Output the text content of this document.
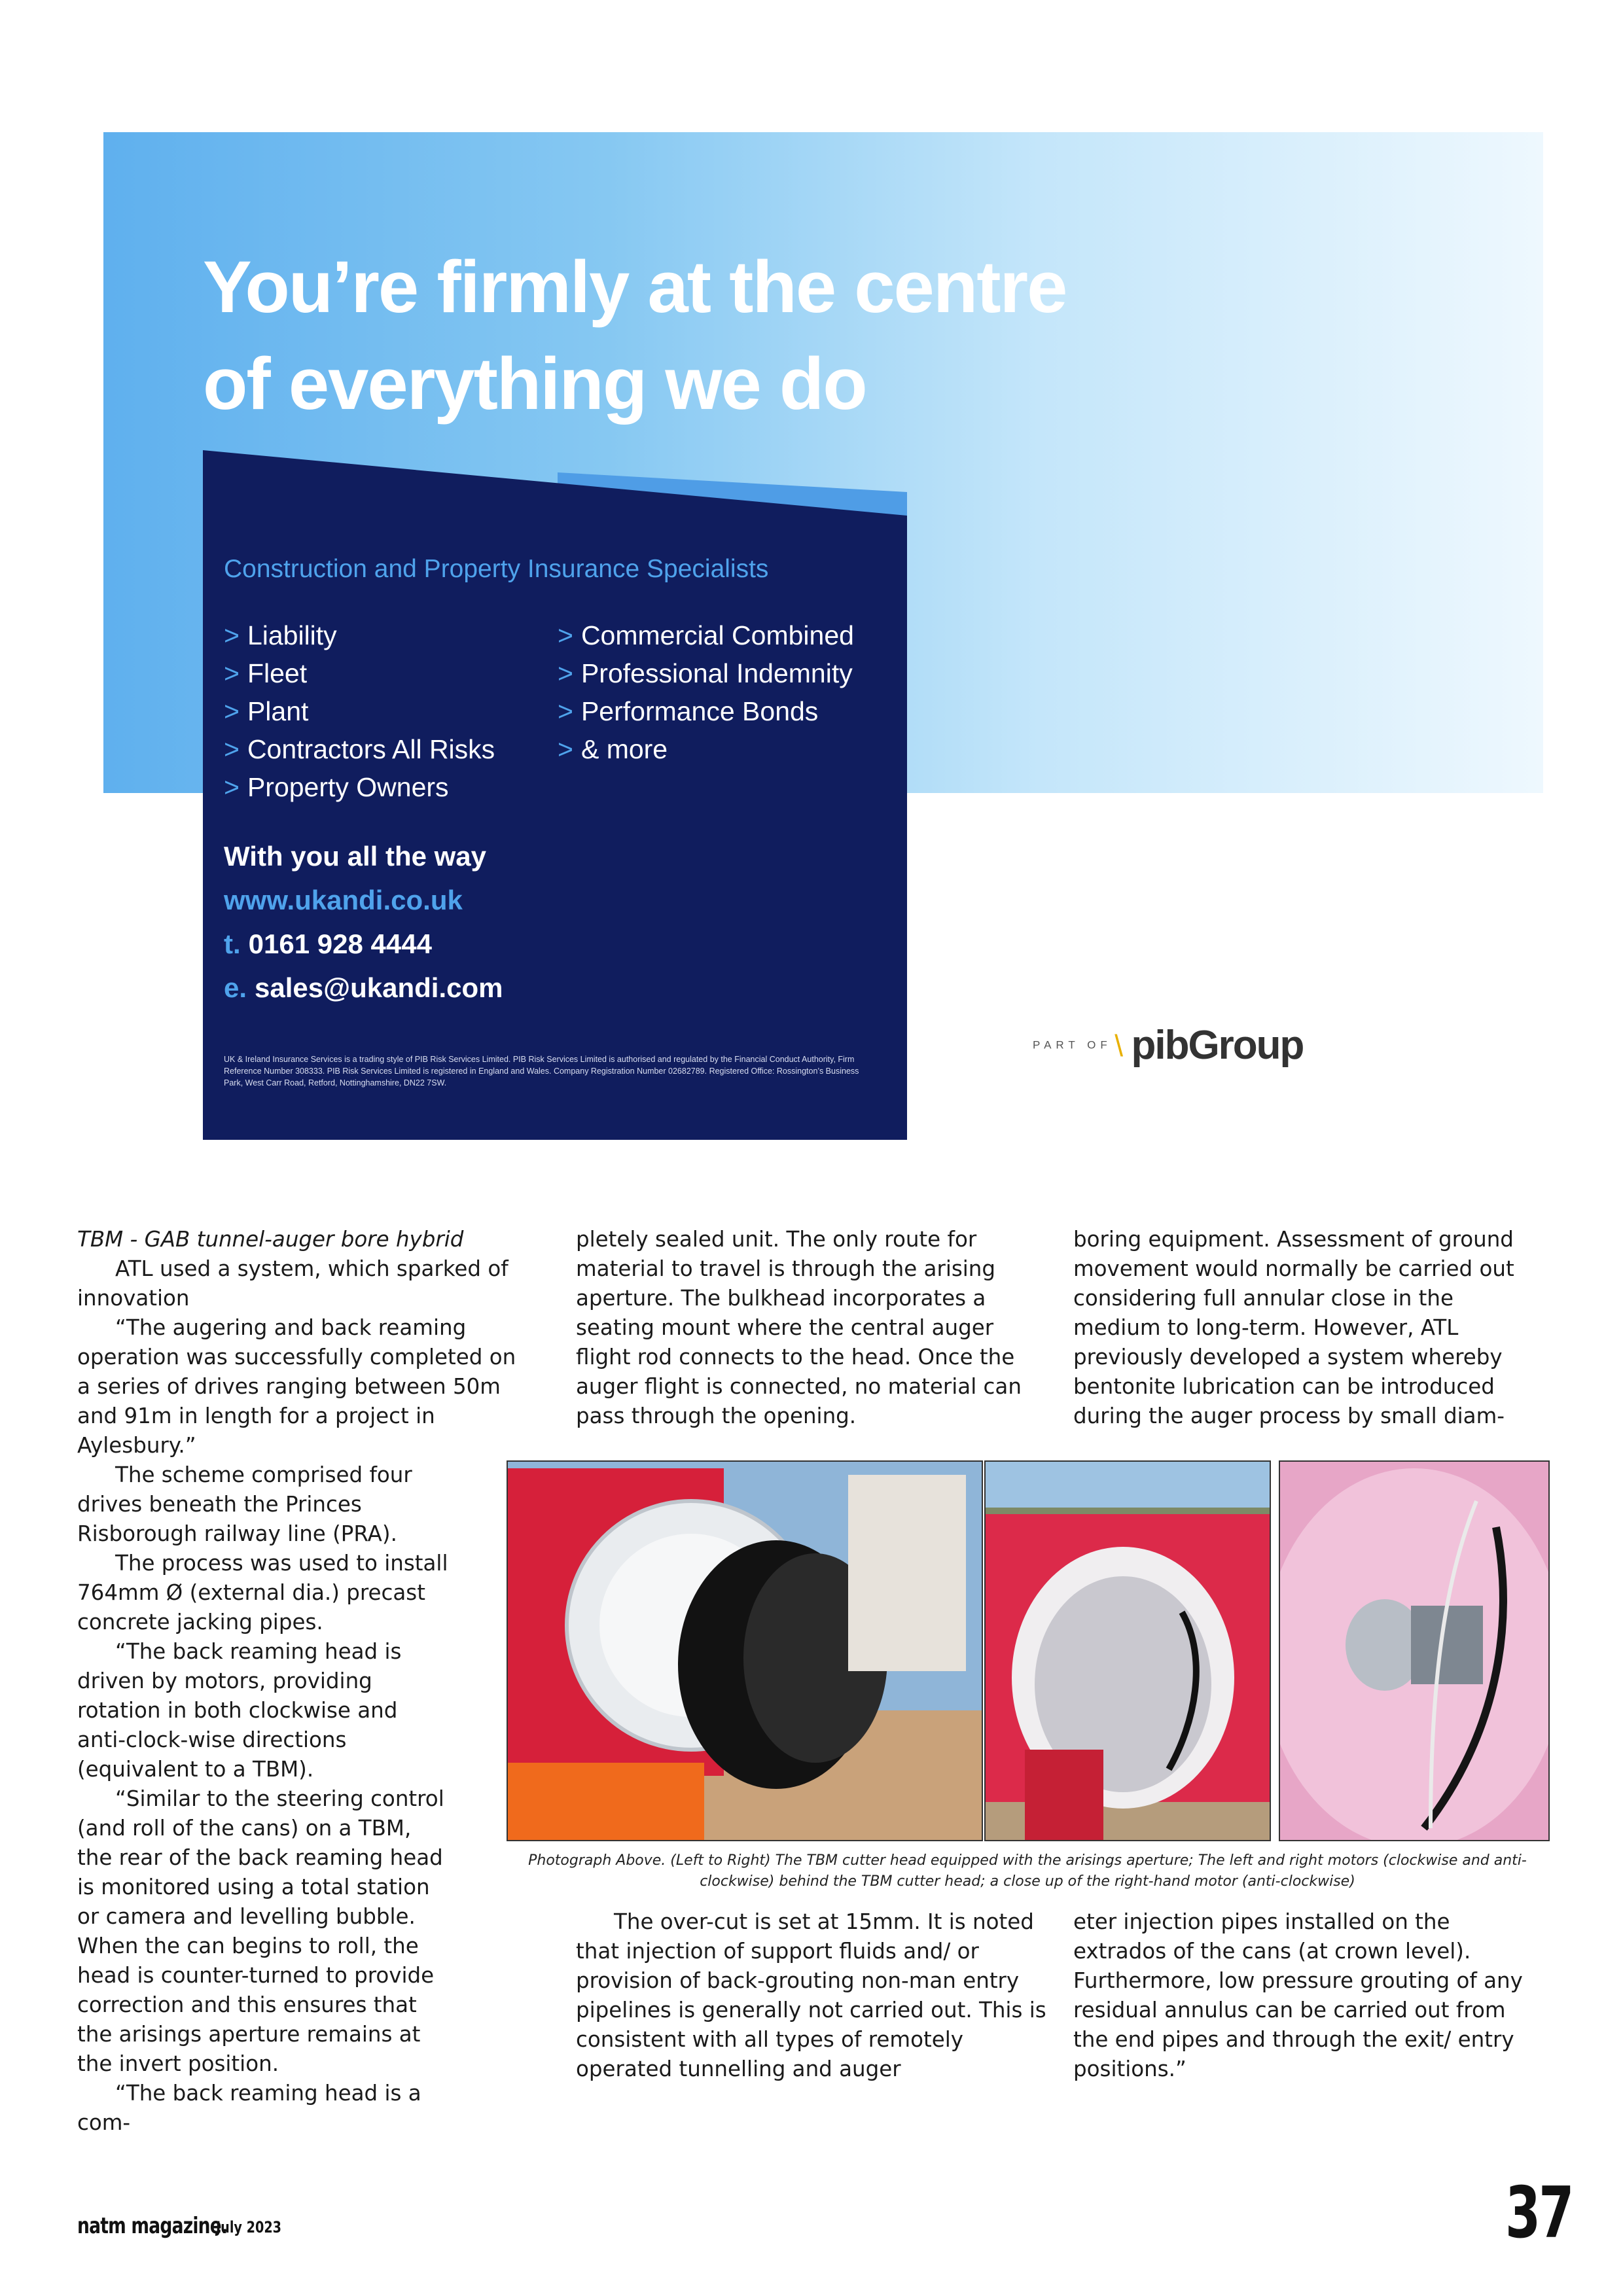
You’re firmly at the centre
of everything we do
Construction and Property Insurance Specialists
> Liability
> Fleet
> Plant
> Contractors All Risks
> Property Owners
> Commercial Combined
> Professional Indemnity
> Performance Bonds
> & more
With you all the way
www.ukandi.co.uk
t. 0161 928 4444
e. sales@ukandi.com
UK & Ireland Insurance Services is a trading style of PIB Risk Services Limited. PIB Risk Services Limited is authorised and regulated by the Financial Conduct Authority, Firm Reference Number 308333. PIB Risk Services Limited is registered in England and Wales. Company Registration Number 02682789. Registered Office: Rossington’s Business Park, West Carr Road, Retford, Nottinghamshire, DN22 7SW.
PART OF \ pibGroup

TBM - GAB tunnel-auger bore hybrid

ATL used a system, which sparked of innovation

“The augering and back reaming operation was successfully completed on a series of drives ranging between 50m and 91m in length for a project in Aylesbury.”

The scheme comprised four drives beneath the Princes Risborough railway line (PRA).

The process was used to install 764mm Ø (external dia.) precast concrete jacking pipes.

“The back reaming head is driven by motors, providing rotation in both clockwise and anti-clock-wise directions (equivalent to a TBM).

“Similar to the steering control (and roll of the cans) on a TBM, the rear of the back reaming head is monitored using a total station or camera and levelling bubble. When the can begins to roll, the head is counter-turned to provide correction and this ensures that the arisings aperture remains at the invert position.

“The back reaming head is a com-

pletely sealed unit. The only route for material to travel is through the arising aperture. The bulkhead incorporates a seating mount where the central auger flight rod connects to the head. Once the auger flight is connected, no material can pass through the opening.

boring equipment. Assessment of ground movement would normally be carried out considering full annular close in the medium to long-term. However, ATL previously developed a system whereby bentonite lubrication can be introduced during the auger process by small diam-

Photograph Above. (Left to Right) The TBM cutter head equipped with the arisings aperture; The left and right motors (clockwise and anti-clockwise) behind the TBM cutter head; a close up of the right-hand motor (anti-clockwise)

The over-cut is set at 15mm. It is noted that injection of support fluids and/ or provision of back-grouting non-man entry pipelines is generally not carried out. This is consistent with all types of remotely operated tunnelling and auger

eter injection pipes installed on the extrados of the cans (at crown level). Furthermore, low pressure grouting of any residual annulus can be carried out from the end pipes and through the exit/ entry positions.”

natm magazine.
July 2023	37
